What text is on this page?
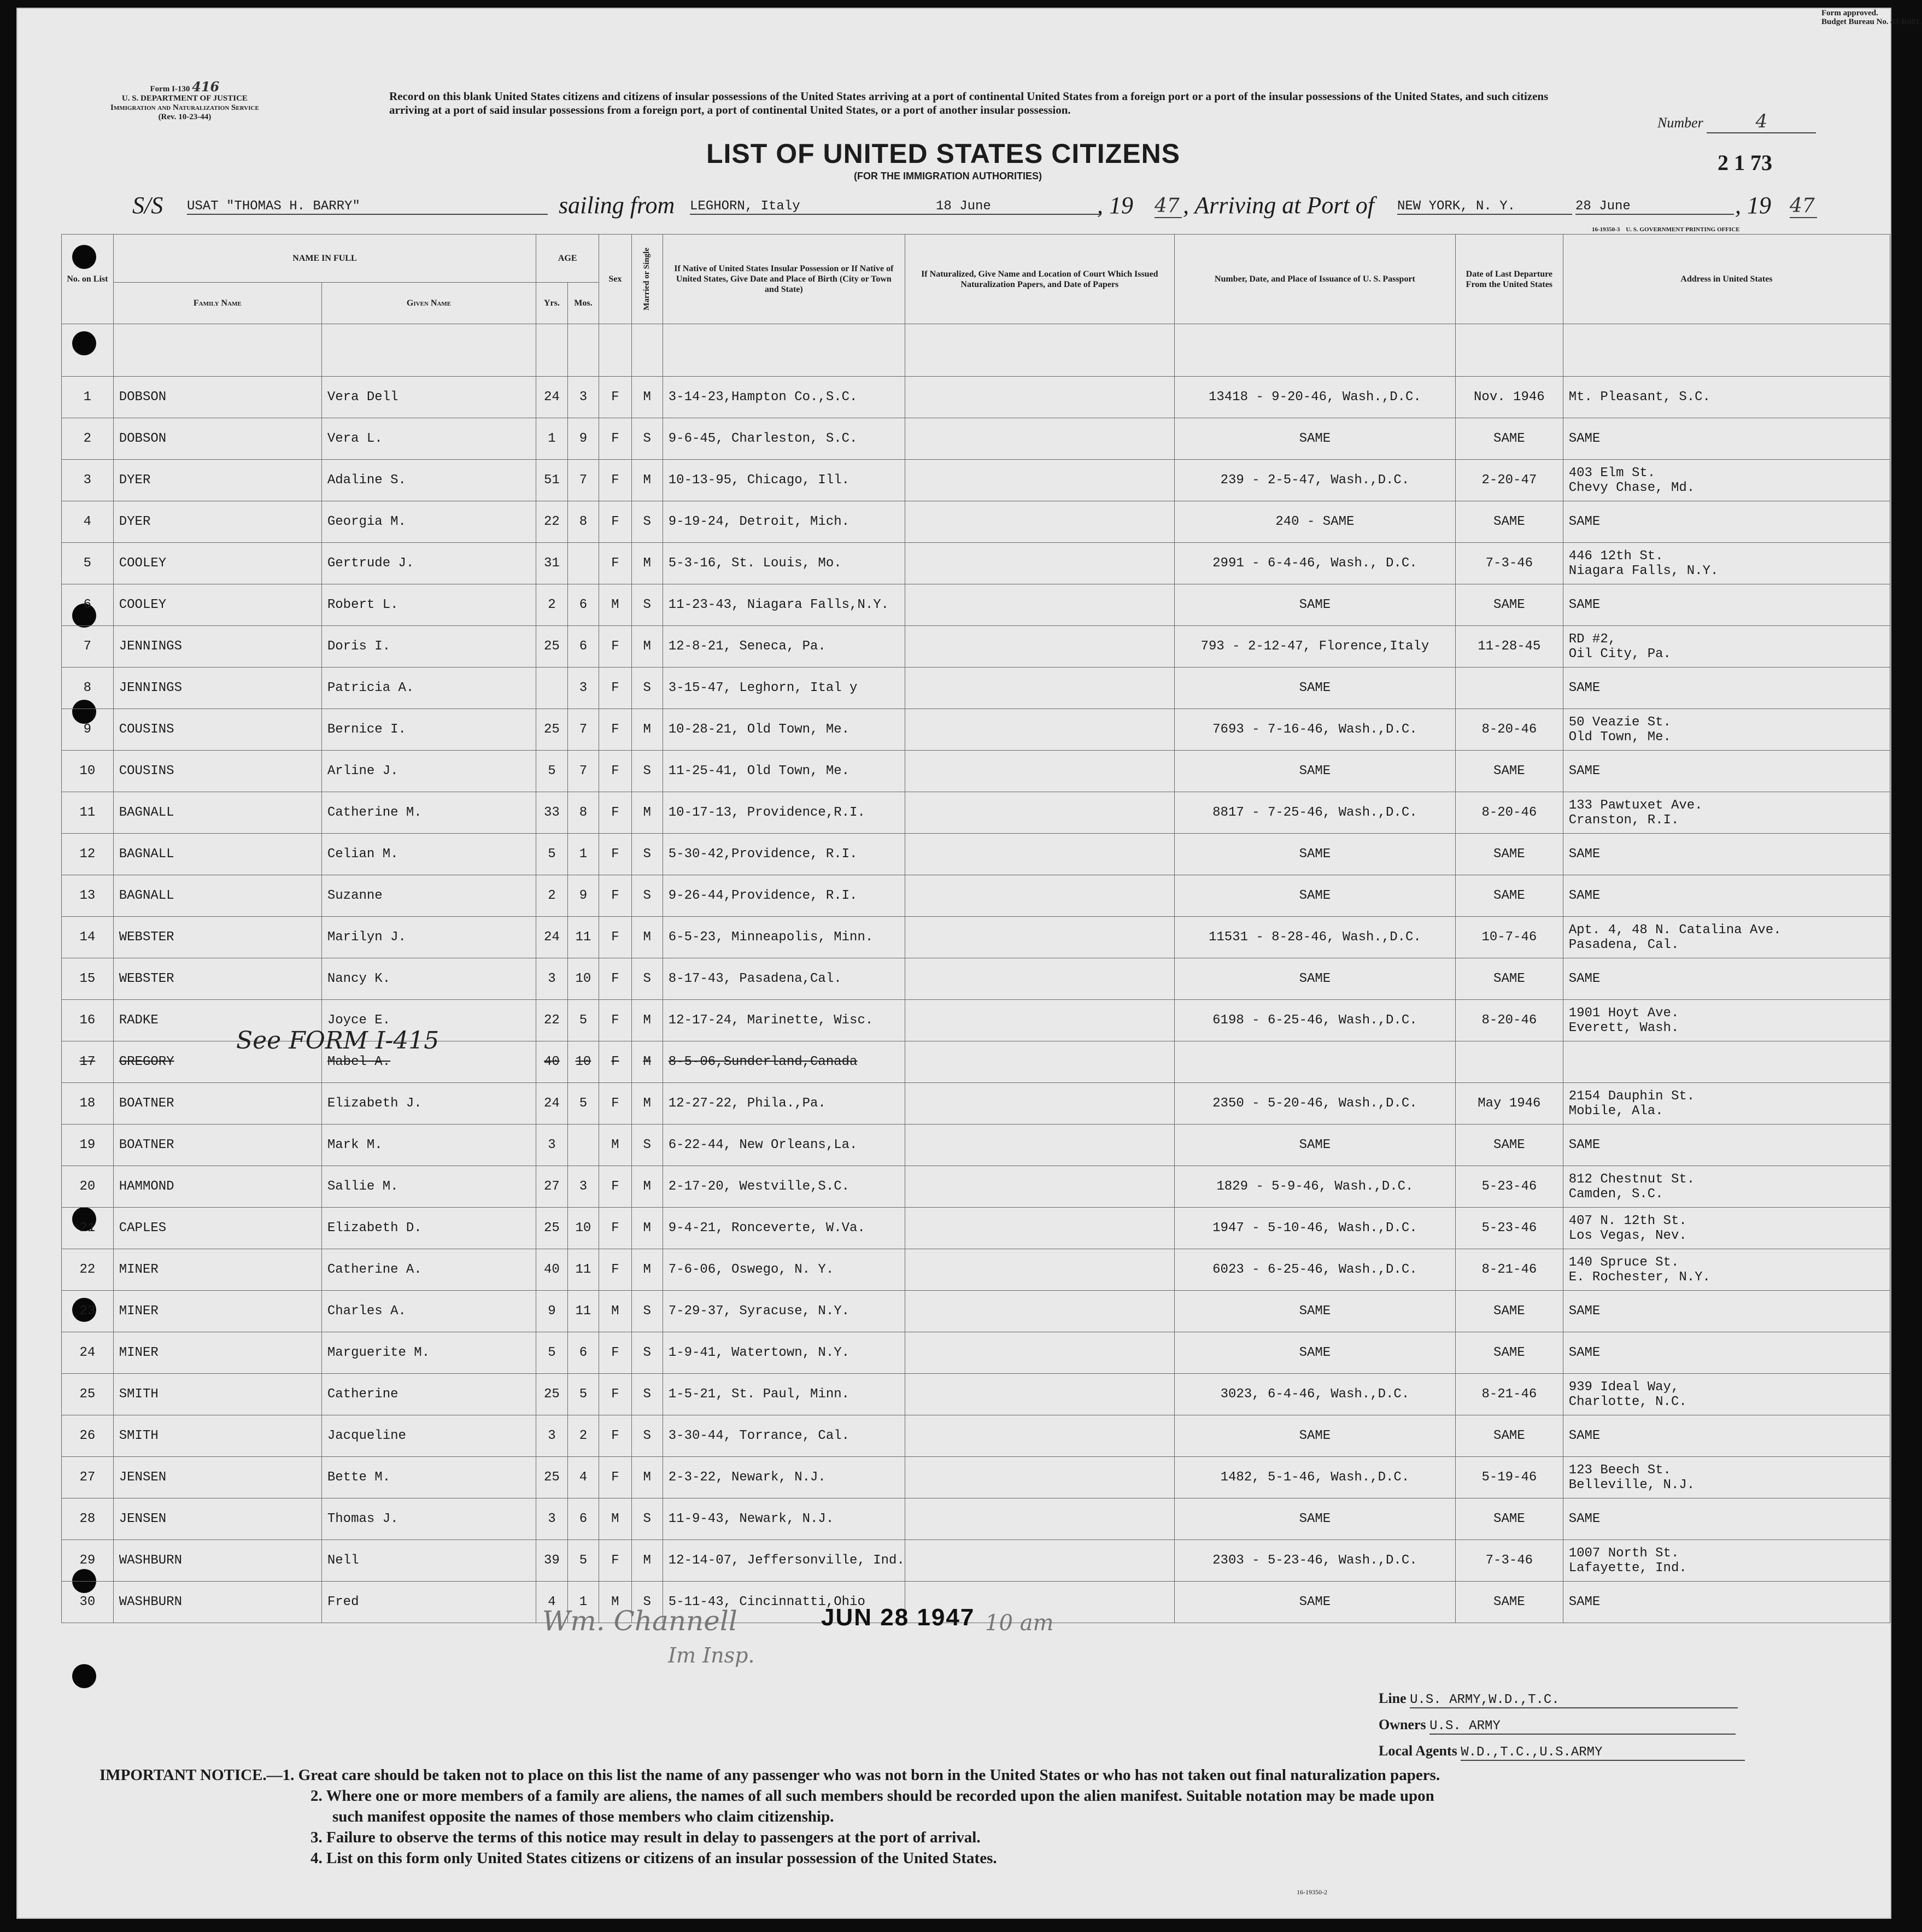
Form I-130 416
U. S. DEPARTMENT OF JUSTICE
Immigration and Naturalization Service
(Rev. 10-23-44)
Form approved.
Budget Bureau No. 43-R081.
Record on this blank United States citizens and citizens of insular possessions of the United States arriving at a port of continental United States from a foreign port or a port of the insular possessions of the United States, and such citizens arriving at a port of said insular possessions from a foreign port, a port of continental United States, or a port of another insular possession.
Number	4
2 1 73
LIST OF UNITED STATES CITIZENS
(FOR THE IMMIGRATION AUTHORITIES)
S/S USAT "THOMAS H. BARRY"	sailing from LEGHORN, Italy	18 June	, 19 47 , Arriving at Port of NEW YORK, N. Y.	28 June	, 19 47
16-19350-3 U. S. GOVERNMENT PRINTING OFFICE
No. on List	NAME IN FULL		AGE		Sex	Married or Single	If Native of United States Insular Possession or If Native of United States, Give Date and Place of Birth (City or Town and State)	If Naturalized, Give Name and Location of Court Which Issued Naturalization Papers, and Date of Papers	Number, Date, and Place of Issuance of U. S. Passport	Date of Last Departure From the United States	Address in United States
	Family Name	Given Name	Yrs.	Mos.							

1	DOBSON	Vera Dell	24	3	F	M	3-14-23,Hampton Co.,S.C.		13418 - 9-20-46, Wash.,D.C.	Nov. 1946	Mt. Pleasant, S.C.

2	DOBSON	Vera L.	1	9	F	S	9-6-45, Charleston, S.C.		SAME	SAME	SAME

3	DYER	Adaline S.	51	7	F	M	10-13-95, Chicago, Ill.		239 - 2-5-47, Wash.,D.C.	2-20-47	403 Elm St.
Chevy Chase, Md.

4	DYER	Georgia M.	22	8	F	S	9-19-24, Detroit, Mich.		240 - SAME	SAME	SAME

5	COOLEY	Gertrude J.	31		F	M	5-3-16, St. Louis, Mo.		2991 - 6-4-46, Wash., D.C.	7-3-46	446 12th St.
Niagara Falls, N.Y.

6	COOLEY	Robert L.	2	6	M	S	11-23-43, Niagara Falls,N.Y.		SAME	SAME	SAME

7	JENNINGS	Doris I.	25	6	F	M	12-8-21, Seneca, Pa.		793 - 2-12-47, Florence,Italy	11-28-45	RD #2,
Oil City, Pa.

8	JENNINGS	Patricia A.		3	F	S	3-15-47, Leghorn, Ital y		SAME		SAME

9	COUSINS	Bernice I.	25	7	F	M	10-28-21, Old Town, Me.		7693 - 7-16-46, Wash.,D.C.	8-20-46	50 Veazie St.
Old Town, Me.

10	COUSINS	Arline J.	5	7	F	S	11-25-41, Old Town, Me.		SAME	SAME	SAME

11	BAGNALL	Catherine M.	33	8	F	M	10-17-13, Providence,R.I.		8817 - 7-25-46, Wash.,D.C.	8-20-46	133 Pawtuxet Ave.
Cranston, R.I.

12	BAGNALL	Celian M.	5	1	F	S	5-30-42,Providence, R.I.		SAME	SAME	SAME

13	BAGNALL	Suzanne	2	9	F	S	9-26-44,Providence, R.I.		SAME	SAME	SAME

14	WEBSTER	Marilyn J.	24	11	F	M	6-5-23, Minneapolis, Minn.		11531 - 8-28-46, Wash.,D.C.	10-7-46	Apt. 4, 48 N. Catalina Ave.
Pasadena, Cal.

15	WEBSTER	Nancy K.	3	10	F	S	8-17-43, Pasadena,Cal.		SAME	SAME	SAME

16	RADKE	Joyce E.	22	5	F	M	12-17-24, Marinette, Wisc.		6198 - 6-25-46, Wash.,D.C.	8-20-46	1901 Hoyt Ave.
Everett, Wash.

17	GREGORY	Mabel A.	40	10	F	M	8-5-06,Sunderland,Canada				

18	BOATNER	Elizabeth J.	24	5	F	M	12-27-22, Phila.,Pa.		2350 - 5-20-46, Wash.,D.C.	May 1946	2154 Dauphin St.
Mobile, Ala.

19	BOATNER	Mark M.	3		M	S	6-22-44, New Orleans,La.		SAME	SAME	SAME

20	HAMMOND	Sallie M.	27	3	F	M	2-17-20, Westville,S.C.		1829 - 5-9-46, Wash.,D.C.	5-23-46	812 Chestnut St.
Camden, S.C.

21	CAPLES	Elizabeth D.	25	10	F	M	9-4-21, Ronceverte, W.Va.		1947 - 5-10-46, Wash.,D.C.	5-23-46	407 N. 12th St.
Los Vegas, Nev.

22	MINER	Catherine A.	40	11	F	M	7-6-06, Oswego, N. Y.		6023 - 6-25-46, Wash.,D.C.	8-21-46	140 Spruce St.
E. Rochester, N.Y.

23	MINER	Charles A.	9	11	M	S	7-29-37, Syracuse, N.Y.		SAME	SAME	SAME

24	MINER	Marguerite M.	5	6	F	S	1-9-41, Watertown, N.Y.		SAME	SAME	SAME

25	SMITH	Catherine	25	5	F	S	1-5-21, St. Paul, Minn.		3023, 6-4-46, Wash.,D.C.	8-21-46	939 Ideal Way,
Charlotte, N.C.

26	SMITH	Jacqueline	3	2	F	S	3-30-44, Torrance, Cal.		SAME	SAME	SAME

27	JENSEN	Bette M.	25	4	F	M	2-3-22, Newark, N.J.		1482, 5-1-46, Wash.,D.C.	5-19-46	123 Beech St.
Belleville, N.J.

28	JENSEN	Thomas J.	3	6	M	S	11-9-43, Newark, N.J.		SAME	SAME	SAME

29	WASHBURN	Nell	39	5	F	M	12-14-07, Jeffersonville, Ind.		2303 - 5-23-46, Wash.,D.C.	7-3-46	1007 North St.
Lafayette, Ind.

30	WASHBURN	Fred	4	1	M	S	5-11-43, Cincinnatti,Ohio		SAME	SAME	SAME
See FORM I-415
Wm. Channell
Im Insp.
JUN 28 1947 10 am
Line U.S. ARMY,W.D.,T.C.
Owners U.S. ARMY
Local Agents W.D.,T.C.,U.S.ARMY
IMPORTANT NOTICE.—1. Great care should be taken not to place on this list the name of any passenger who was not born in the United States or who has not taken out final naturalization papers.
2. Where one or more members of a family are aliens, the names of all such members should be recorded upon the alien manifest. Suitable notation may be made upon
such manifest opposite the names of those members who claim citizenship.
3. Failure to observe the terms of this notice may result in delay to passengers at the port of arrival.
4. List on this form only United States citizens or citizens of an insular possession of the United States.
16-19350-2
